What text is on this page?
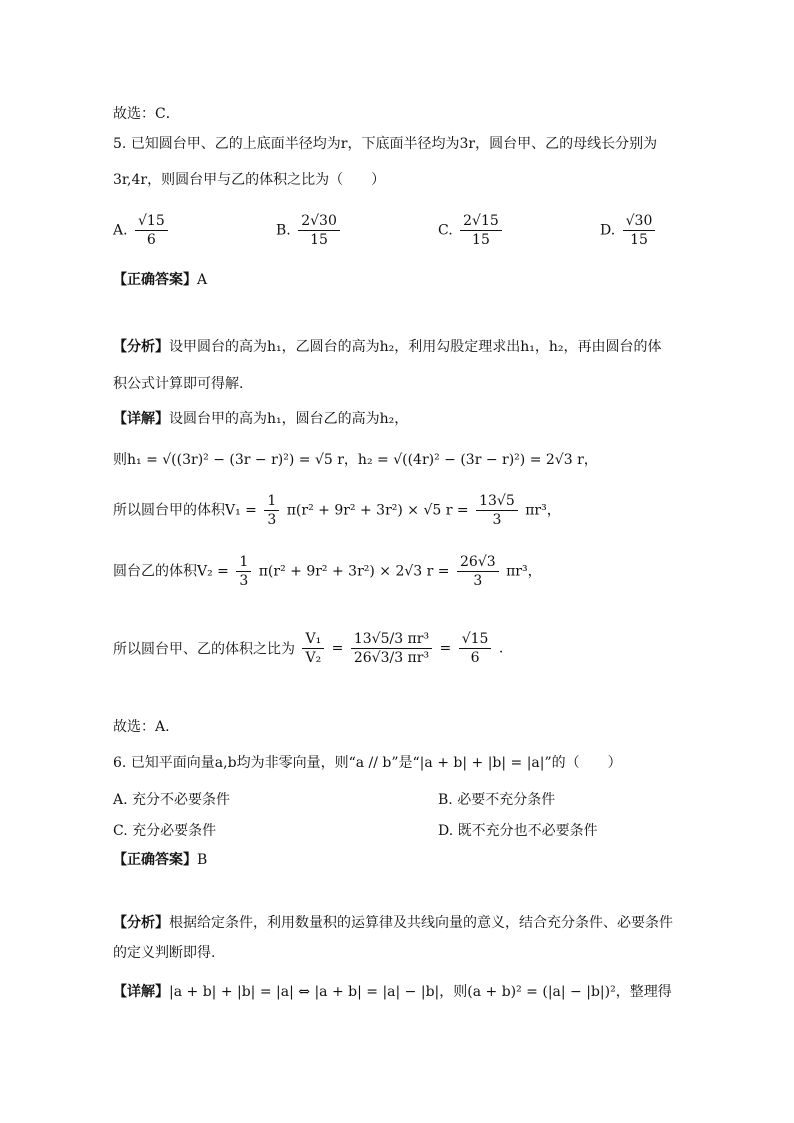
故选：C．
5. 已知圆台甲、乙的上底面半径均为r，下底面半径均为3r，圆台甲、乙的母线长分别为
3r,4r，则圆台甲与乙的体积之比为（　　）
A. $\frac{√15}{6}$	B. $\frac{2√30}{15}$	C. $\frac{2√15}{15}$	D. $\frac{√30}{15}$
【正确答案】A
【分析】设甲圆台的高为h₁，乙圆台的高为h₂，利用勾股定理求出h₁，h₂，再由圆台的体
积公式计算即可得解.
【详解】设圆台甲的高为h₁，圆台乙的高为h₂，
则h₁ = √((3r)² − (3r − r)²) = √5 r，h₂ = √((4r)² − (3r − r)²) = 2√3 r，
所以圆台甲的体积$V_1 = \frac{1}{3} \pi(r^2 + 9r^2 + 3r^2) \times √5$ $r = \frac{13√5}{3} \pi r^3$，
圆台乙的体积$V_2 = \frac{1}{3} \pi(r^2 + 9r^2 + 3r^2) \times 2√3$ $r = \frac{26√3}{3} \pi r^3$，
所以圆台甲、乙的体积之比为 $\frac{\text{V₁}}{\text{V₂}} = \frac{\text{13√5/3 πr³}}{\text{26√3/3 πr³}} = \frac{√15}{6}$ .
故选：A.
6. 已知平面向量a,b均为非零向量，则“a // b”是“|a + b| + |b| = |a|”的（　　）
A. 充分不必要条件	B. 必要不充分条件
C. 充分必要条件	D. 既不充分也不必要条件
【正确答案】B
【分析】根据给定条件，利用数量积的运算律及共线向量的意义，结合充分条件、必要条件
的定义判断即得.
【详解】|a + b| + |b| = |a| ⇔ |a + b| = |a| − |b|，则(a + b)² = (|a| − |b|)²，整理得
